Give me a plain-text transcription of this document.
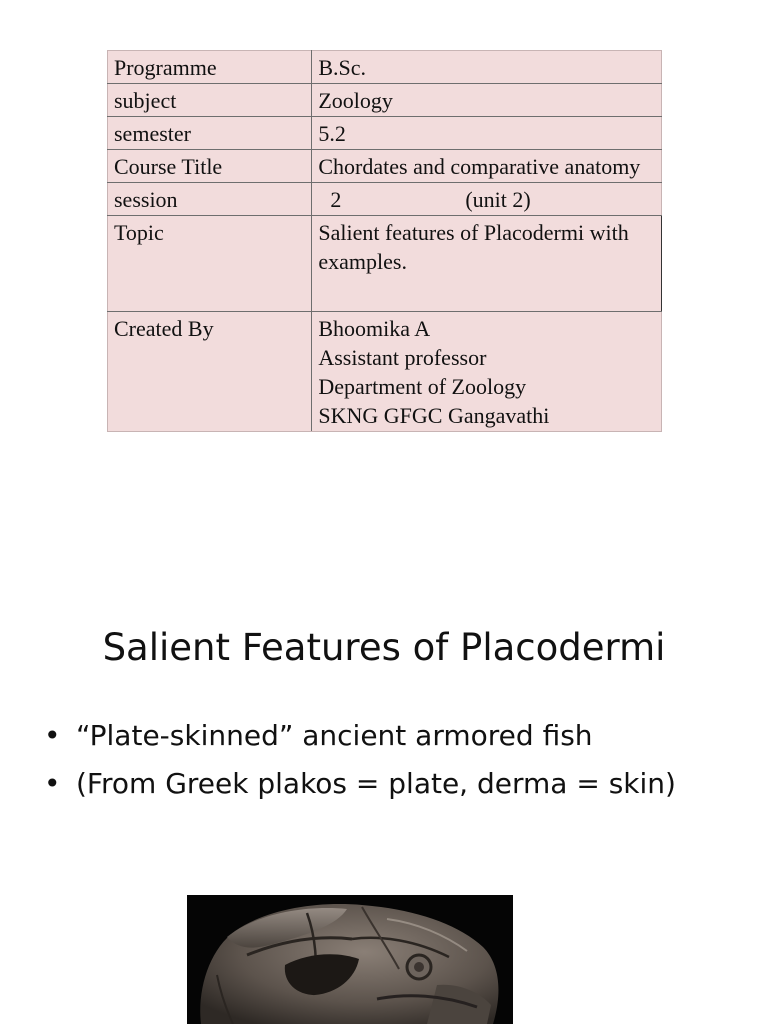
Programme	B.Sc.
subject	Zoology
semester	5.2
Course Title	Chordates and comparative anatomy
session	2 (unit 2)
Topic	Salient features of Placodermi with examples.
Created By	Bhoomika A
Assistant professor
Department of Zoology
SKNG GFGC Gangavathi
Salient Features of Placodermi
• “Plate-skinned” ancient armored fish
• (From Greek plakos = plate, derma = skin)
